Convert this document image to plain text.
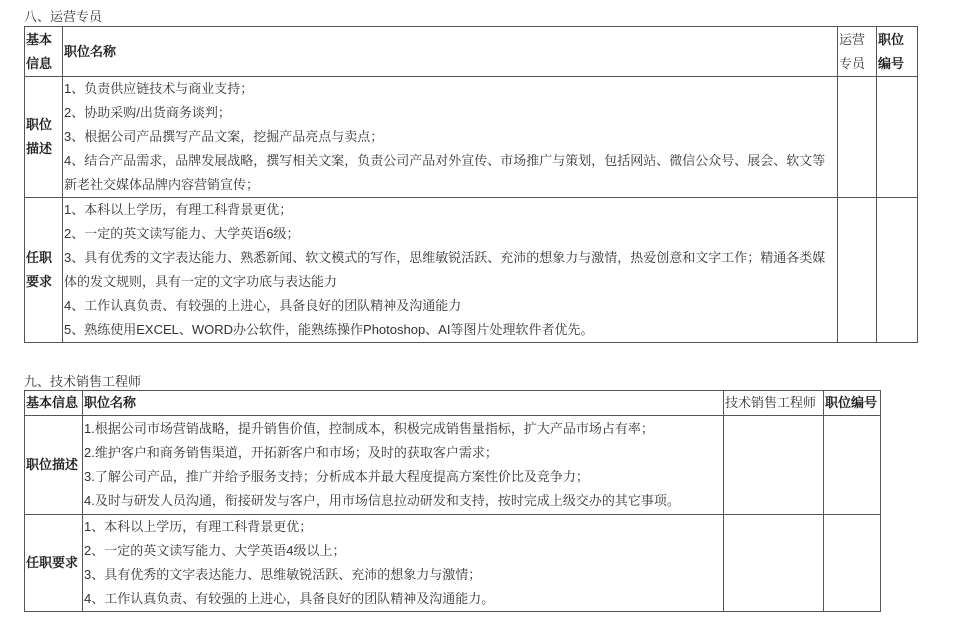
八、运营专员
基本信息	职位名称	运营专员	职位编号
职位描述	1、负责供应链技术与商业支持；
2、协助采购/出货商务谈判；
3、根据公司产品撰写产品文案，挖掘产品亮点与卖点；
4、结合产品需求，品牌发展战略，撰写相关文案，负责公司产品对外宣传、市场推广与策划，包括网站、微信公众号、展会、软文等新老社交媒体品牌内容营销宣传；		

任职要求	1、本科以上学历，有理工科背景更优；
2、一定的英文读写能力、大学英语6级；
3、具有优秀的文字表达能力、熟悉新闻、软文模式的写作，思维敏锐活跃、充沛的想象力与激情，热爱创意和文字工作；精通各类媒体的发文规则，具有一定的文字功底与表达能力
4、工作认真负责、有较强的上进心，具备良好的团队精神及沟通能力
5、熟练使用EXCEL、WORD办公软件，能熟练操作Photoshop、AI等图片处理软件者优先。		

九、技术销售工程师
基本信息	职位名称	技术销售工程师	职位编号
职位描述	1.根据公司市场营销战略，提升销售价值，控制成本，积极完成销售量指标，扩大产品市场占有率；
2.维护客户和商务销售渠道，开拓新客户和市场；及时的获取客户需求；
3.了解公司产品，推广并给予服务支持；分析成本并最大程度提高方案性价比及竞争力；
4.及时与研发人员沟通，衔接研发与客户，用市场信息拉动研发和支持，按时完成上级交办的其它事项。		

任职要求	1、本科以上学历，有理工科背景更优；
2、一定的英文读写能力、大学英语4级以上；
3、具有优秀的文字表达能力、思维敏锐活跃、充沛的想象力与激情；
4、工作认真负责、有较强的上进心，具备良好的团队精神及沟通能力。		
